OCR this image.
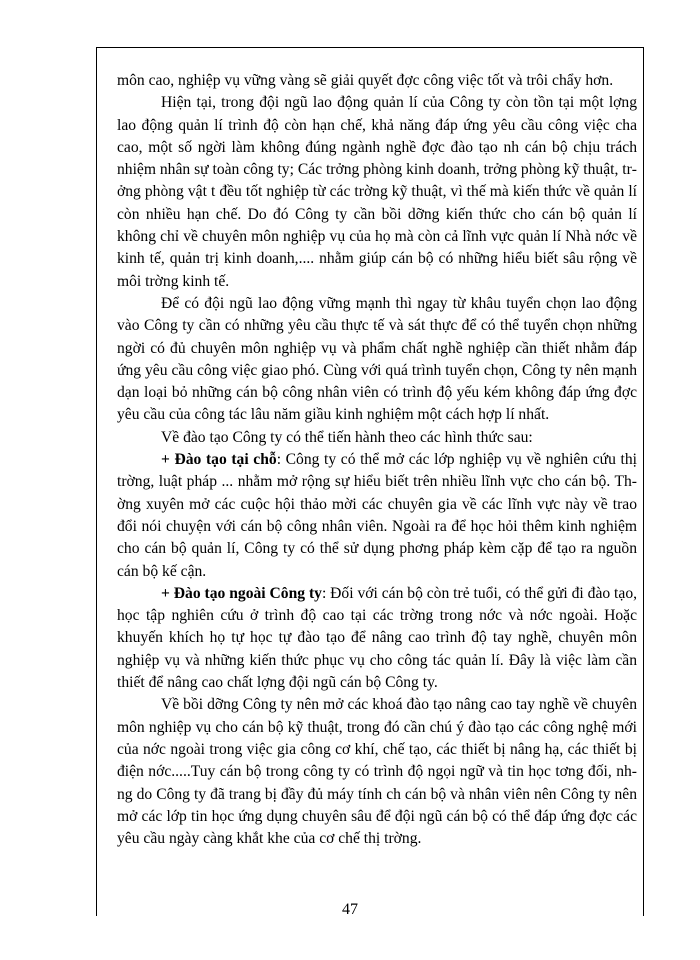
môn cao, nghiệp vụ vững vàng sẽ giải quyết đợc công việc tốt và trôi chẩy hơn.

Hiện tại, trong đội ngũ lao động quản lí của Công ty còn tồn tại một lợng lao động quản lí trình độ còn hạn chế, khả năng đáp ứng yêu cầu công việc cha cao, một số ngời làm không đúng ngành nghề đợc đào tạo nh cán bộ chịu trách nhiệm nhân sự toàn công ty; Các trởng phòng kinh doanh, trởng phòng kỹ thuật, trởng phòng vật t đều tốt nghiệp từ các trờng kỹ thuật, vì thế mà kiến thức về quản lí còn nhiều hạn chế. Do đó Công ty cần bồi dỡng kiến thức cho cán bộ quản lí không chỉ về chuyên môn nghiệp vụ của họ mà còn cả lĩnh vực quản lí Nhà nớc về kinh tế, quản trị kinh doanh,.... nhằm giúp cán bộ có những hiểu biết sâu rộng về môi trờng kinh tế.

Để có đội ngũ lao động vững mạnh thì ngay từ khâu tuyển chọn lao động vào Công ty cần có những yêu cầu thực tế và sát thực để có thể tuyển chọn những ngời có đủ chuyên môn nghiệp vụ và phẩm chất nghề nghiệp cần thiết nhằm đáp ứng yêu cầu công việc giao phó. Cùng với quá trình tuyển chọn, Công ty nên mạnh dạn loại bỏ những cán bộ công nhân viên có trình độ yếu kém không đáp ứng đợc yêu cầu của công tác lâu năm giầu kinh nghiệm một cách hợp lí nhất.

Về đào tạo Công ty có thể tiến hành theo các hình thức sau:

+ Đào tạo tại chỗ: Công ty có thể mở các lớp nghiệp vụ về nghiên cứu thị trờng, luật pháp ... nhằm mở rộng sự hiểu biết trên nhiều lĩnh vực cho cán bộ. Thờng xuyên mở các cuộc hội thảo mời các chuyên gia về các lĩnh vực này về trao đổi nói chuyện với cán bộ công nhân viên. Ngoài ra để học hỏi thêm kinh nghiệm cho cán bộ quản lí, Công ty có thể sử dụng phơng pháp kèm cặp để tạo ra nguồn cán bộ kế cận.

+ Đào tạo ngoài Công ty: Đối với cán bộ còn trẻ tuổi, có thể gửi đi đào tạo, học tập nghiên cứu ở trình độ cao tại các trờng trong nớc và nớc ngoài. Hoặc khuyến khích họ tự học tự đào tạo để nâng cao trình độ tay nghề, chuyên môn nghiệp vụ và những kiến thức phục vụ cho công tác quản lí. Đây là việc làm cần thiết để nâng cao chất lợng đội ngũ cán bộ Công ty.

Về bồi dỡng Công ty nên mở các khoá đào tạo nâng cao tay nghề về chuyên môn nghiệp vụ cho cán bộ kỹ thuật, trong đó cần chú ý đào tạo các công nghệ mới của nớc ngoài trong việc gia công cơ khí, chế tạo, các thiết bị nâng hạ, các thiết bị điện nớc.....Tuy cán bộ trong công ty có trình độ ngọi ngữ và tin học tơng đối, nhng do Công ty đã trang bị đầy đủ máy tính ch cán bộ và nhân viên nên Công ty nên mở các lớp tin học ứng dụng chuyên sâu để đội ngũ cán bộ có thể đáp ứng đợc các yêu cầu ngày càng khắt khe của cơ chế thị trờng.

47
